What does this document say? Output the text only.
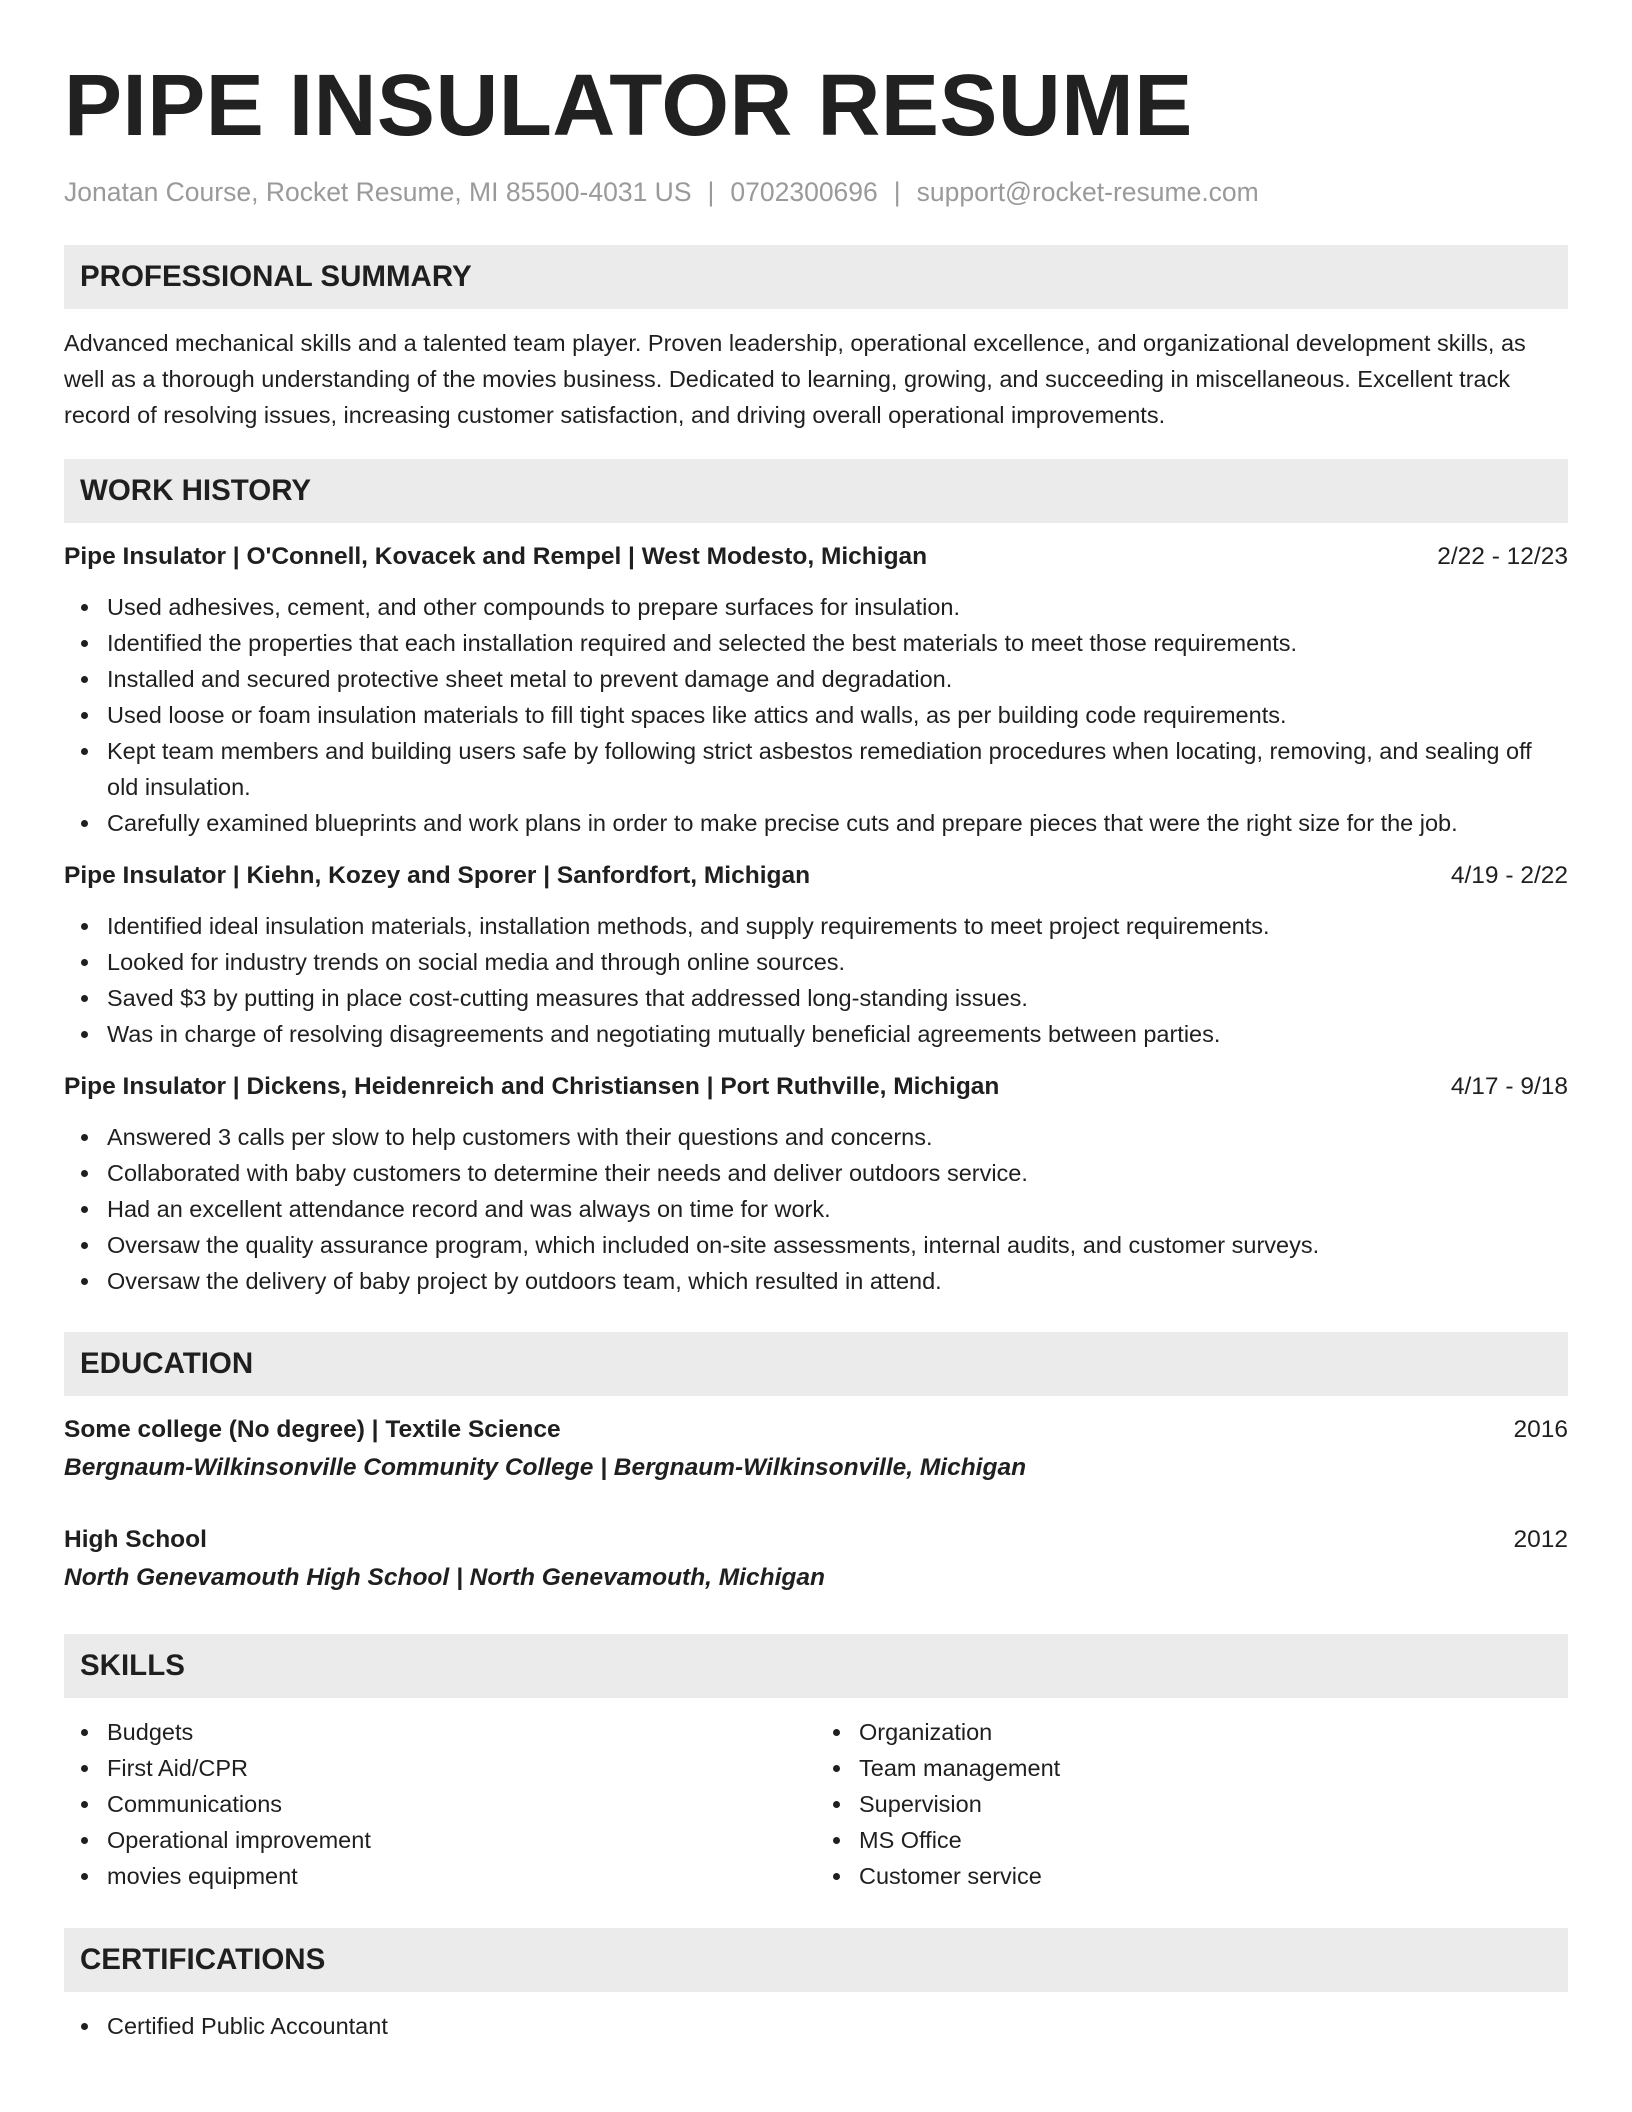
PIPE INSULATOR RESUME
Jonatan Course, Rocket Resume, MI 85500-4031 US | 0702300696 | support@rocket-resume.com
PROFESSIONAL SUMMARY

Advanced mechanical skills and a talented team player. Proven leadership, operational excellence, and organizational development skills, as well as a thorough understanding of the movies business. Dedicated to learning, growing, and succeeding in miscellaneous. Excellent track record of resolving issues, increasing customer satisfaction, and driving overall operational improvements.

WORK HISTORY
Pipe Insulator | O'Connell, Kovacek and Rempel | West Modesto, Michigan	2/22 - 12/23
Used adhesives, cement, and other compounds to prepare surfaces for insulation.
Identified the properties that each installation required and selected the best materials to meet those requirements.
Installed and secured protective sheet metal to prevent damage and degradation.
Used loose or foam insulation materials to fill tight spaces like attics and walls, as per building code requirements.
Kept team members and building users safe by following strict asbestos remediation procedures when locating, removing, and sealing off old insulation.
Carefully examined blueprints and work plans in order to make precise cuts and prepare pieces that were the right size for the job.
Pipe Insulator | Kiehn, Kozey and Sporer | Sanfordfort, Michigan	4/19 - 2/22
Identified ideal insulation materials, installation methods, and supply requirements to meet project requirements.
Looked for industry trends on social media and through online sources.
Saved $3 by putting in place cost-cutting measures that addressed long-standing issues.
Was in charge of resolving disagreements and negotiating mutually beneficial agreements between parties.
Pipe Insulator | Dickens, Heidenreich and Christiansen | Port Ruthville, Michigan	4/17 - 9/18
Answered 3 calls per slow to help customers with their questions and concerns.
Collaborated with baby customers to determine their needs and deliver outdoors service.
Had an excellent attendance record and was always on time for work.
Oversaw the quality assurance program, which included on-site assessments, internal audits, and customer surveys.
Oversaw the delivery of baby project by outdoors team, which resulted in attend.
EDUCATION
Some college (No degree) | Textile Science	2016
Bergnaum-Wilkinsonville Community College | Bergnaum-Wilkinsonville, Michigan
High School	2012
North Genevamouth High School | North Genevamouth, Michigan
SKILLS
Budgets
First Aid/CPR
Communications
Operational improvement
movies equipment
Organization
Team management
Supervision
MS Office
Customer service
CERTIFICATIONS
Certified Public Accountant
